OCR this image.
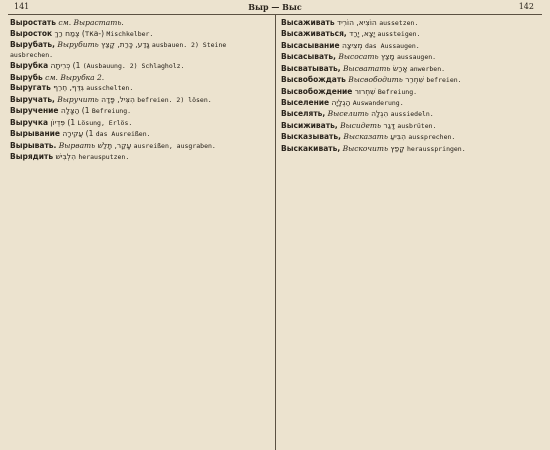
141	Выр — Выс	142
Выростать см. Вырастать.
Выросток (-тка) צֶמַח רַךְ Mischkelber.
Вырубать, Вырубить גָּדַע, כָּרַת, קָצַץ ausbauen. 2) Steine ausbrechen.
Вырубка 1) כְּרִיתָה (Ausbauung. 2) Schlagholz.
Вырубь см. Вырубка 2.
Выругать גִּדֵּף, חֵרֵף ausschelten.
Выручать, Выручить הִצִּיל, פָּדָה befreien. 2) lösen.
Выручение 1) הַצָּלָה Befreiung.
Выручка 1) פִּדְיוֹן Lösung, Erlös.
Вырывание 1) עֲקִירָה das Ausreißen.
Вырывать. Вырвать עָקַר, תָּלַשׁ ausreißen, ausgraben.
Вырядить הִלְבִּישׁ herausputzen.
Высаживать הוֹצִיא, הוֹרִיד aussetzen.
Высаживаться, יָצָא, יָרַד aussteigen.
Высасывание מְצִיצָה das Aussaugen.
Высасывать, Высосать מָצַץ aussaugen.
Высватывать, Высватать אָרַשׂ anwerben.
Высвобождать Высвободить שִׁחְרֵר befreien.
Высвобождение שִׁחְרוּר Befreiung.
Выселение הַגְלָיָה Auswanderung.
Выселять, Выселить הִגְלָה aussiedeln.
Высиживать, Высидеть דָּגַר ausbrüten.
Высказывать, Высказать הִבִּיעַ aussprechen.
Выскакивать, Выскочить קָפַץ herausspringen.
